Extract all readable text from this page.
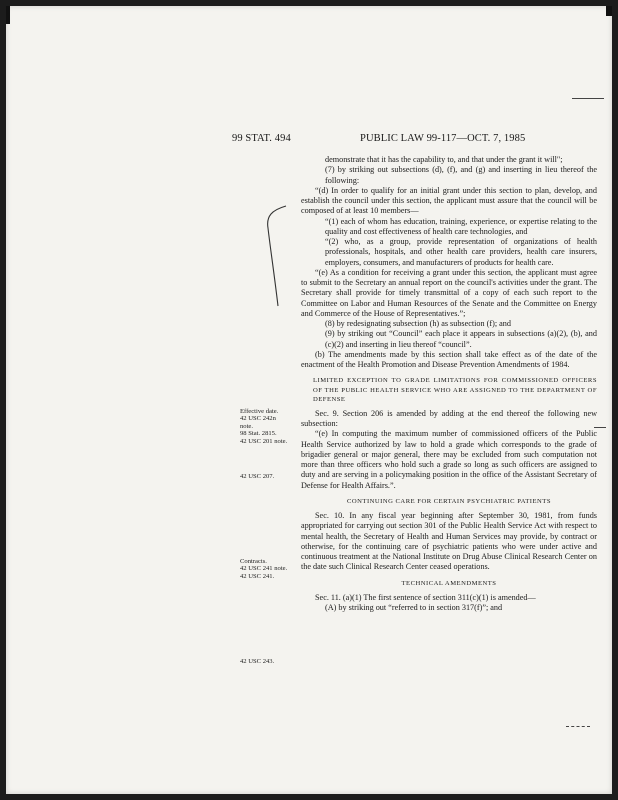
99 STAT. 494	PUBLIC LAW 99-117—OCT. 7, 1985
Effective date.
42 USC 242n
note.
98 Stat. 2815.
42 USC 201 note.
42 USC 207.
Contracts.
42 USC 241 note.
42 USC 241.
42 USC 243.

demonstrate that it has the capability to, and that under the grant it will";

(7) by striking out subsections (d), (f), and (g) and inserting in lieu thereof the following:

“(d) In order to qualify for an initial grant under this section to plan, develop, and establish the council under this section, the applicant must assure that the council will be composed of at least 10 members—

“(1) each of whom has education, training, experience, or expertise relating to the quality and cost effectiveness of health care technologies, and

“(2) who, as a group, provide representation of organizations of health professionals, hospitals, and other health care providers, health care insurers, employers, consumers, and manufacturers of products for health care.

“(e) As a condition for receiving a grant under this section, the applicant must agree to submit to the Secretary an annual report on the council's activities under the grant. The Secretary shall provide for timely transmittal of a copy of each such report to the Committee on Labor and Human Resources of the Senate and the Committee on Energy and Commerce of the House of Representatives.”;

(8) by redesignating subsection (h) as subsection (f); and

(9) by striking out “Council” each place it appears in subsections (a)(2), (b), and (c)(2) and inserting in lieu thereof “council”.

(b) The amendments made by this section shall take effect as of the date of the enactment of the Health Promotion and Disease Prevention Amendments of 1984.

LIMITED EXCEPTION TO GRADE LIMITATIONS FOR COMMISSIONED OFFICERS OF THE PUBLIC HEALTH SERVICE WHO ARE ASSIGNED TO THE DEPARTMENT OF DEFENSE

Sec. 9. Section 206 is amended by adding at the end thereof the following new subsection:

“(e) In computing the maximum number of commissioned officers of the Public Health Service authorized by law to hold a grade which corresponds to the grade of brigadier general or major general, there may be excluded from such computation not more than three officers who hold such a grade so long as such officers are assigned to duty and are serving in a policymaking position in the office of the Assistant Secretary of Defense for Health Affairs.”.

CONTINUING CARE FOR CERTAIN PSYCHIATRIC PATIENTS

Sec. 10. In any fiscal year beginning after September 30, 1981, from funds appropriated for carrying out section 301 of the Public Health Service Act with respect to mental health, the Secretary of Health and Human Services may provide, by contract or otherwise, for the continuing care of psychiatric patients who were under active and continuous treatment at the National Institute on Drug Abuse Clinical Research Center on the date such Clinical Research Center ceased operations.

TECHNICAL AMENDMENTS

Sec. 11. (a)(1) The first sentence of section 311(c)(1) is amended—

(A) by striking out “referred to in section 317(f)”; and
